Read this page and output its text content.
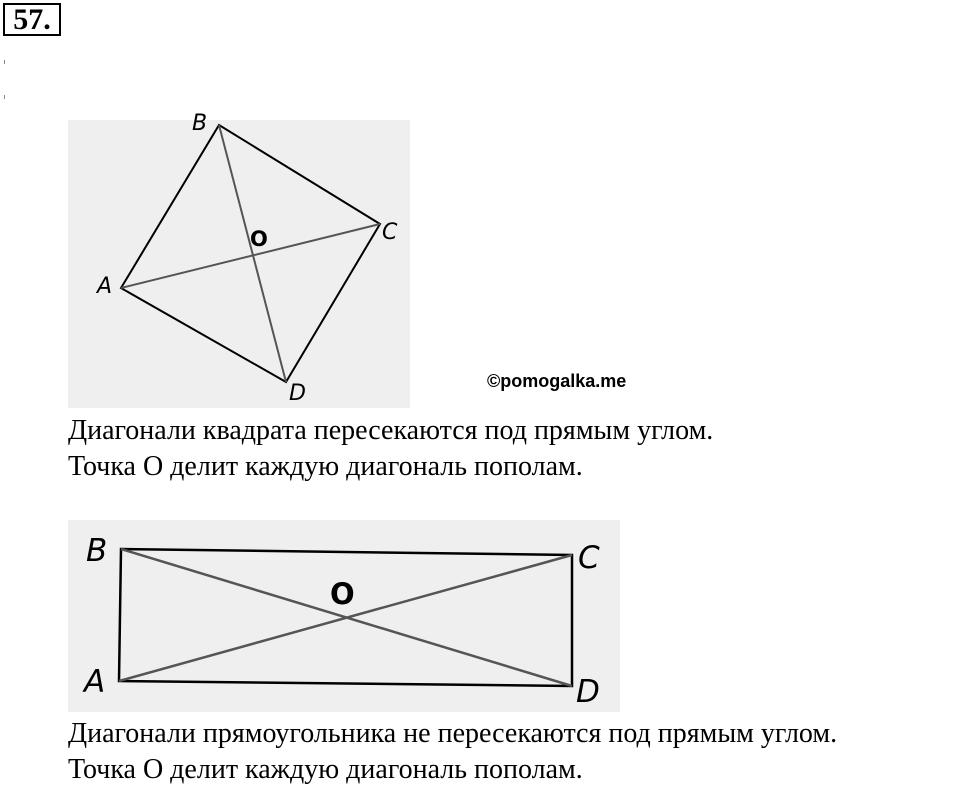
57.
B
C
A
D
O
©pomogalka.me
Диагонали квадрата пересекаются под прямым углом.
Точка О делит каждую диагональ пополам.
B	C
A	D
O
Диагонали прямоугольника не пересекаются под прямым углом.
Точка О делит каждую диагональ пополам.
